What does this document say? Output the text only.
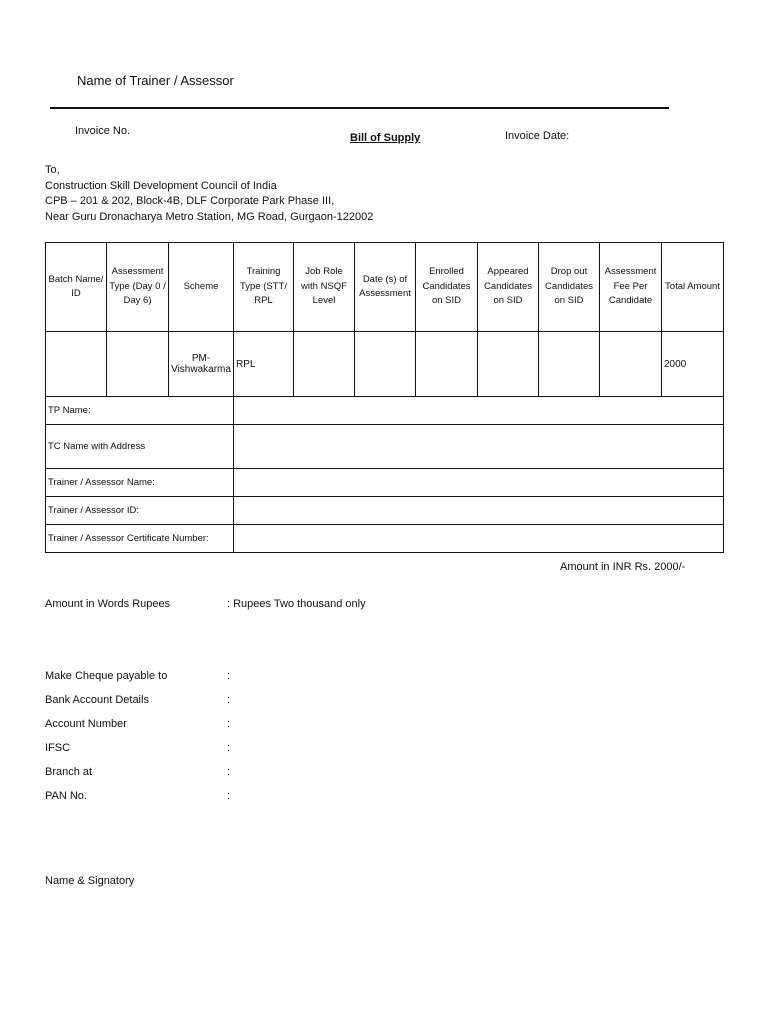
Name of Trainer / Assessor
Invoice No.
Bill of Supply	Invoice Date:
To,
Construction Skill Development Council of India
CPB – 201 & 202, Block-4B, DLF Corporate Park Phase III,
Near Guru Dronacharya Metro Station, MG Road, Gurgaon-122002
Batch Name/ ID	Assessment Type (Day 0 / Day 6)	Scheme	Training Type (STT/ RPL	Job Role with NSQF Level	Date (s) of Assessment	Enrolled Candidates on SID	Appeared Candidates on SID	Drop out Candidates on SID	Assessment Fee Per Candidate	Total Amount
		PM-Vishwakarma	RPL							2000
TP Name:										
TC Name with Address										
Trainer / Assessor Name:										
Trainer / Assessor ID:										
Trainer / Assessor Certificate Number:										
Amount in INR Rs. 2000/-
Amount in Words Rupees	: Rupees Two thousand only
Make Cheque payable to	:
Bank Account Details	:
Account Number	:
IFSC	:
Branch at	:
PAN No.	:
Name & Signatory
